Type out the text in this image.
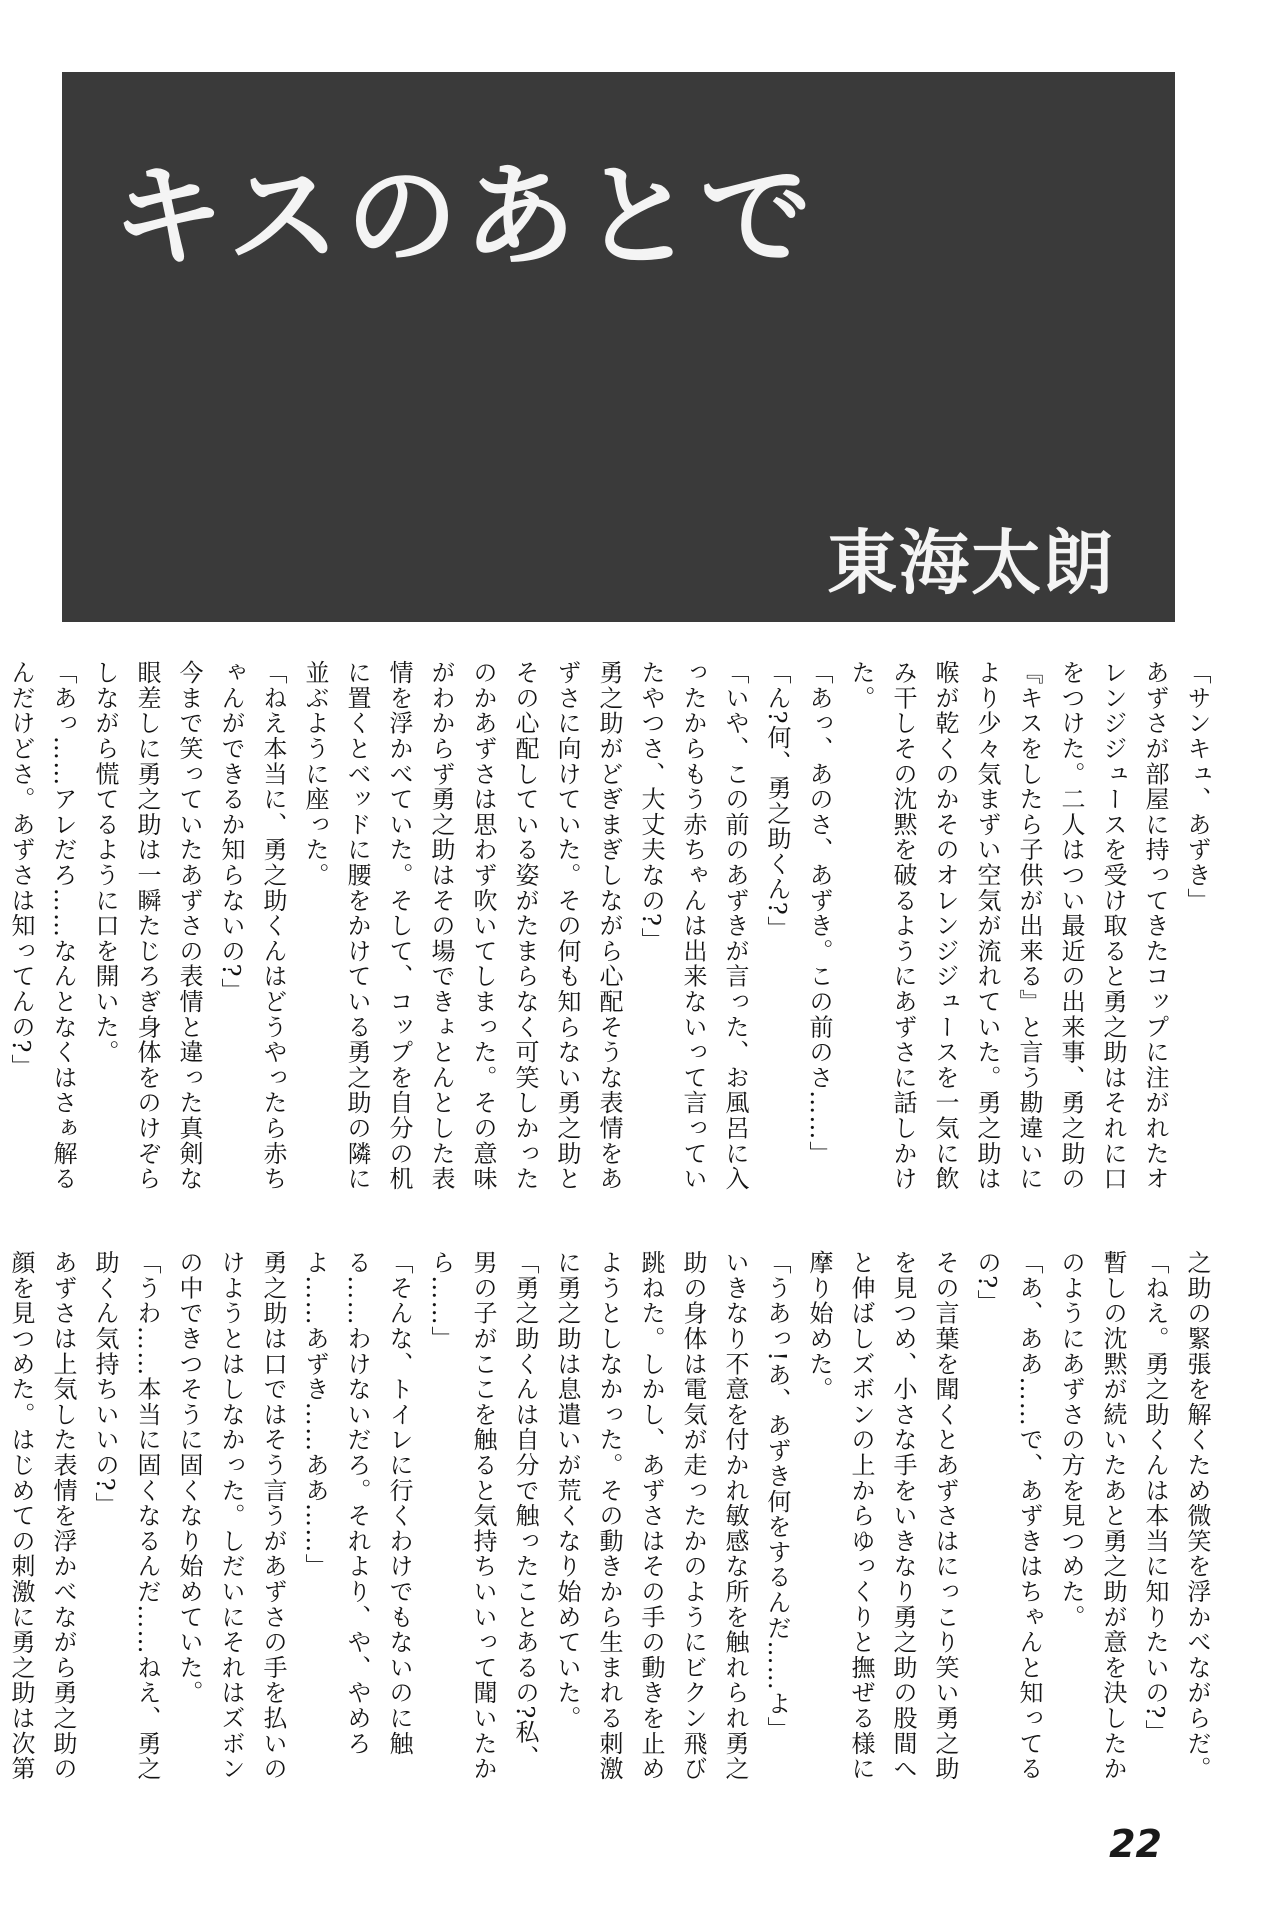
キスのあとで
東海太朗

「サンキュ、あずき」

あずさが部屋に持ってきたコップに注がれたオレンジジュースを受け取ると勇之助はそれに口をつけた。二人はつい最近の出来事、勇之助の『キスをしたら子供が出来る』と言う勘違いにより少々気まずい空気が流れていた。勇之助は喉が乾くのかそのオレンジジュースを一気に飲み干しその沈黙を破るようにあずさに話しかけた。

「あっ、あのさ、あずき。この前のさ……」

「ん?何、勇之助くん?」

「いや、この前のあずきが言った、お風呂に入ったからもう赤ちゃんは出来ないって言っていたやつさ、大丈夫なの?」

勇之助がどぎまぎしながら心配そうな表情をあずさに向けていた。その何も知らない勇之助とその心配している姿がたまらなく可笑しかったのかあずさは思わず吹いてしまった。その意味がわからず勇之助はその場できょとんとした表情を浮かべていた。そして、コップを自分の机に置くとベッドに腰をかけている勇之助の隣に並ぶように座った。

「ねえ本当に、勇之助くんはどうやったら赤ちゃんができるか知らないの?」

今まで笑っていたあずさの表情と違った真剣な眼差しに勇之助は一瞬たじろぎ身体をのけぞらしながら慌てるように口を開いた。

「あっ……アレだろ……なんとなくはさぁ解るんだけどさ。あずさは知ってんの?」

之助の緊張を解くため微笑を浮かべながらだ。

「ねえ。勇之助くんは本当に知りたいの?」

暫しの沈黙が続いたあと勇之助が意を決したかのようにあずさの方を見つめた。

「あ、ああ……で、あずきはちゃんと知ってるの?」

その言葉を聞くとあずさはにっこり笑い勇之助を見つめ、小さな手をいきなり勇之助の股間へと伸ばしズボンの上からゆっくりと撫ぜる様に摩り始めた。

「うあっ!あ、あずき何をするんだ……よ」

いきなり不意を付かれ敏感な所を触れられ勇之助の身体は電気が走ったかのようにビクン飛び跳ねた。しかし、あずさはその手の動きを止めようとしなかった。その動きから生まれる刺激に勇之助は息遣いが荒くなり始めていた。

「勇之助くんは自分で触ったことあるの?私、男の子がここを触ると気持ちいいって聞いたから……」

「そんな、トイレに行くわけでもないのに触る……わけないだろ。それより、や、やめろよ……あずき……ああ……」

勇之助は口ではそう言うがあずさの手を払いのけようとはしなかった。しだいにそれはズボンの中できつそうに固くなり始めていた。

「うわ……本当に固くなるんだ……ねえ、勇之助くん気持ちいいの?」

あずさは上気した表情を浮かべながら勇之助の顔を見つめた。はじめての刺激に勇之助は次第

22
